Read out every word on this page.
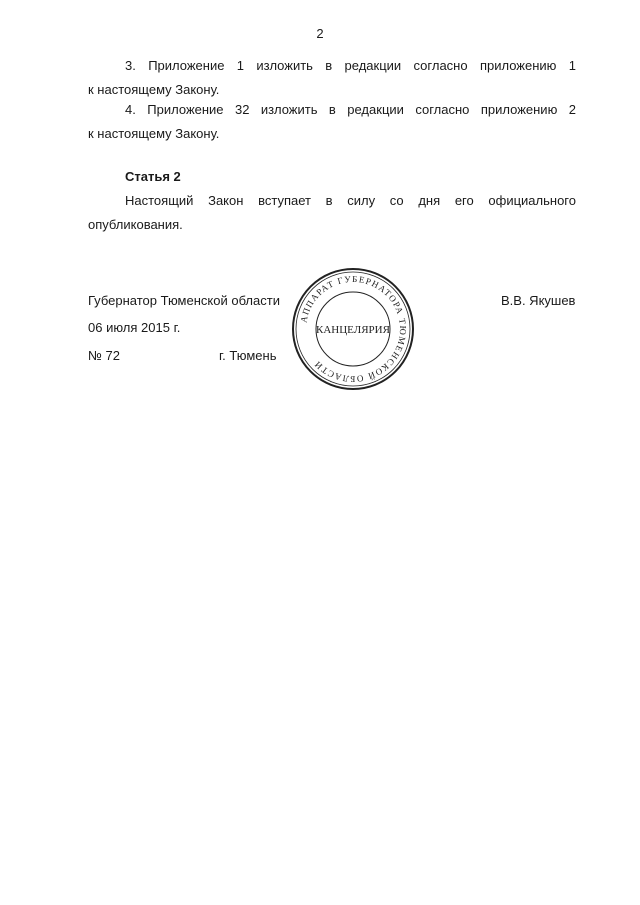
2

3. Приложение 1 изложить в редакции согласно приложению 1
к настоящему Закону.

4. Приложение 32 изложить в редакции согласно приложению 2
к настоящему Закону.

Статья 2

Настоящий Закон вступает в силу со дня его официального
опубликования.

Губернатор Тюменской области	В.В. Якушев
06 июля 2015 г.
№ 72	г. Тюмень
АППАРАТ ГУБЕРНАТОРА ТЮМЕНСКОЙ ОБЛАСТИ
КАНЦЕЛЯРИЯ
